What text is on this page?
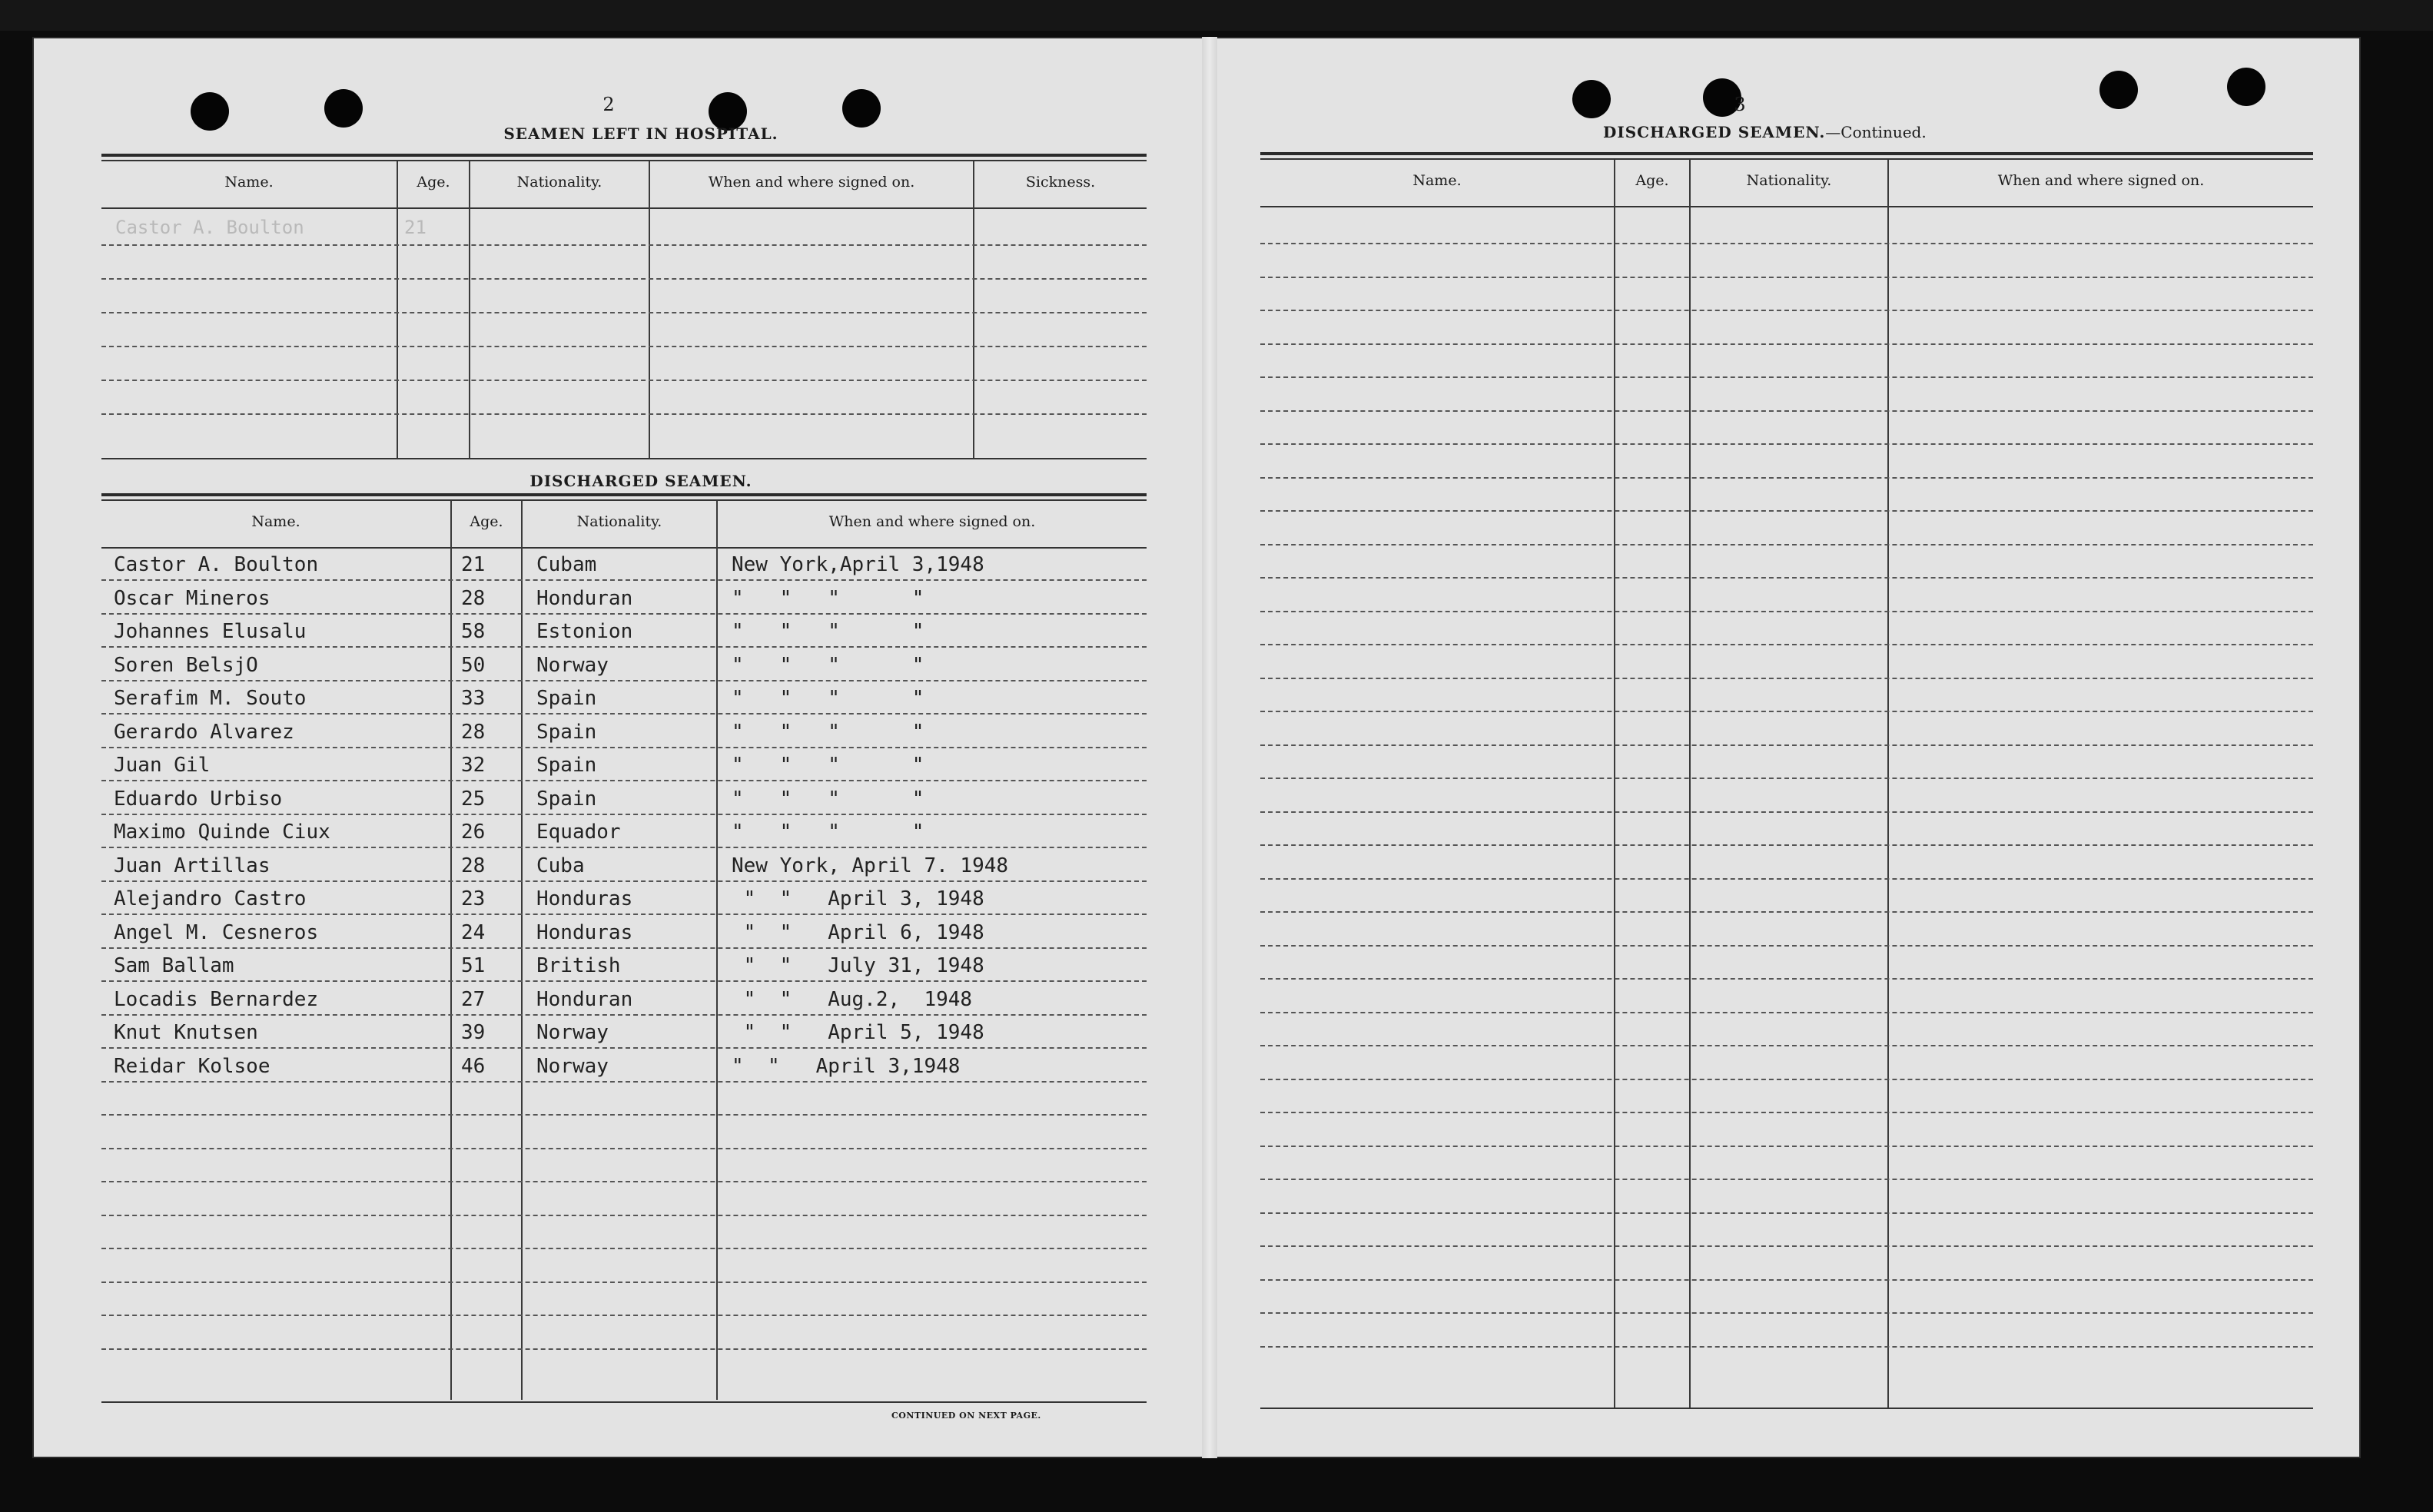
2
SEAMEN LEFT IN HOSPITAL.
Name.	Age.	Nationality.	When and where signed on.	Sickness.
Castor A. Boulton	21
DISCHARGED SEAMEN.
Name.	Age.	Nationality.	When and where signed on.
Castor A. Boulton	21	Cubam	New York,April 3,1948
Oscar Mineros	28	Honduran	"   "   "      "
Johannes Elusalu	58	Estonion	"   "   "      "
Soren BelsjO	50	Norway	"   "   "      "
Serafim M. Souto	33	Spain	"   "   "      "
Gerardo Alvarez	28	Spain	"   "   "      "
Juan Gil	32	Spain	"   "   "      "
Eduardo Urbiso	25	Spain	"   "   "      "
Maximo Quinde Ciux	26	Equador	"   "   "      "
Juan Artillas	28	Cuba	New York, April 7. 1948
Alejandro Castro	23	Honduras	"  "   April 3, 1948
Angel M. Cesneros	24	Honduras	"  "   April 6, 1948
Sam Ballam	51	British	"  "   July 31, 1948
Locadis Bernardez	27	Honduran	"  "   Aug.2,  1948
Knut Knutsen	39	Norway	"  "   April 5, 1948
Reidar Kolsoe	46	Norway	"  "   April 3,1948
CONTINUED ON NEXT PAGE.
3
DISCHARGED SEAMEN.—Continued.
Name.	Age.	Nationality.	When and where signed on.
